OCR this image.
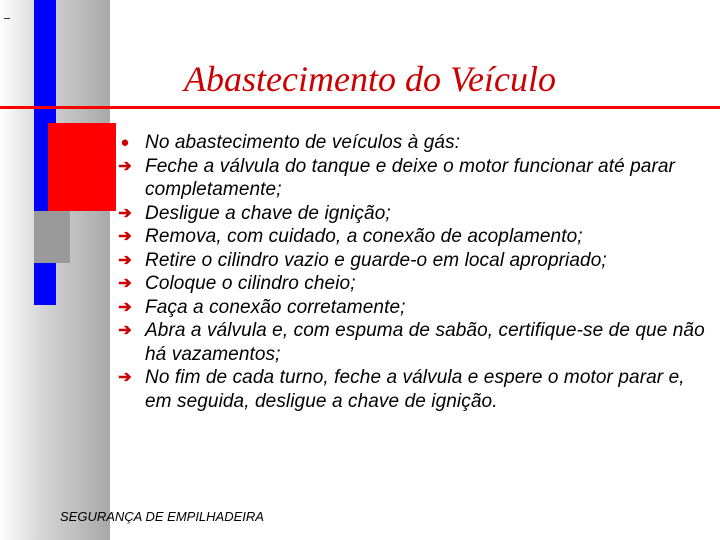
Abastecimento do Veículo
● No abastecimento de veículos à gás:
➔ Feche a válvula do tanque e deixe o motor funcionar até parar completamente;
➔ Desligue a chave de ignição;
➔ Remova, com cuidado, a conexão de acoplamento;
➔ Retire o cilindro vazio e guarde-o em local apropriado;
➔ Coloque o cilindro cheio;
➔ Faça a conexão corretamente;
➔ Abra a válvula e, com espuma de sabão, certifique-se de que não há vazamentos;
➔ No fim de cada turno, feche a válvula e espere o motor parar e, em seguida, desligue a chave de ignição.
SEGURANÇA DE EMPILHADEIRA
